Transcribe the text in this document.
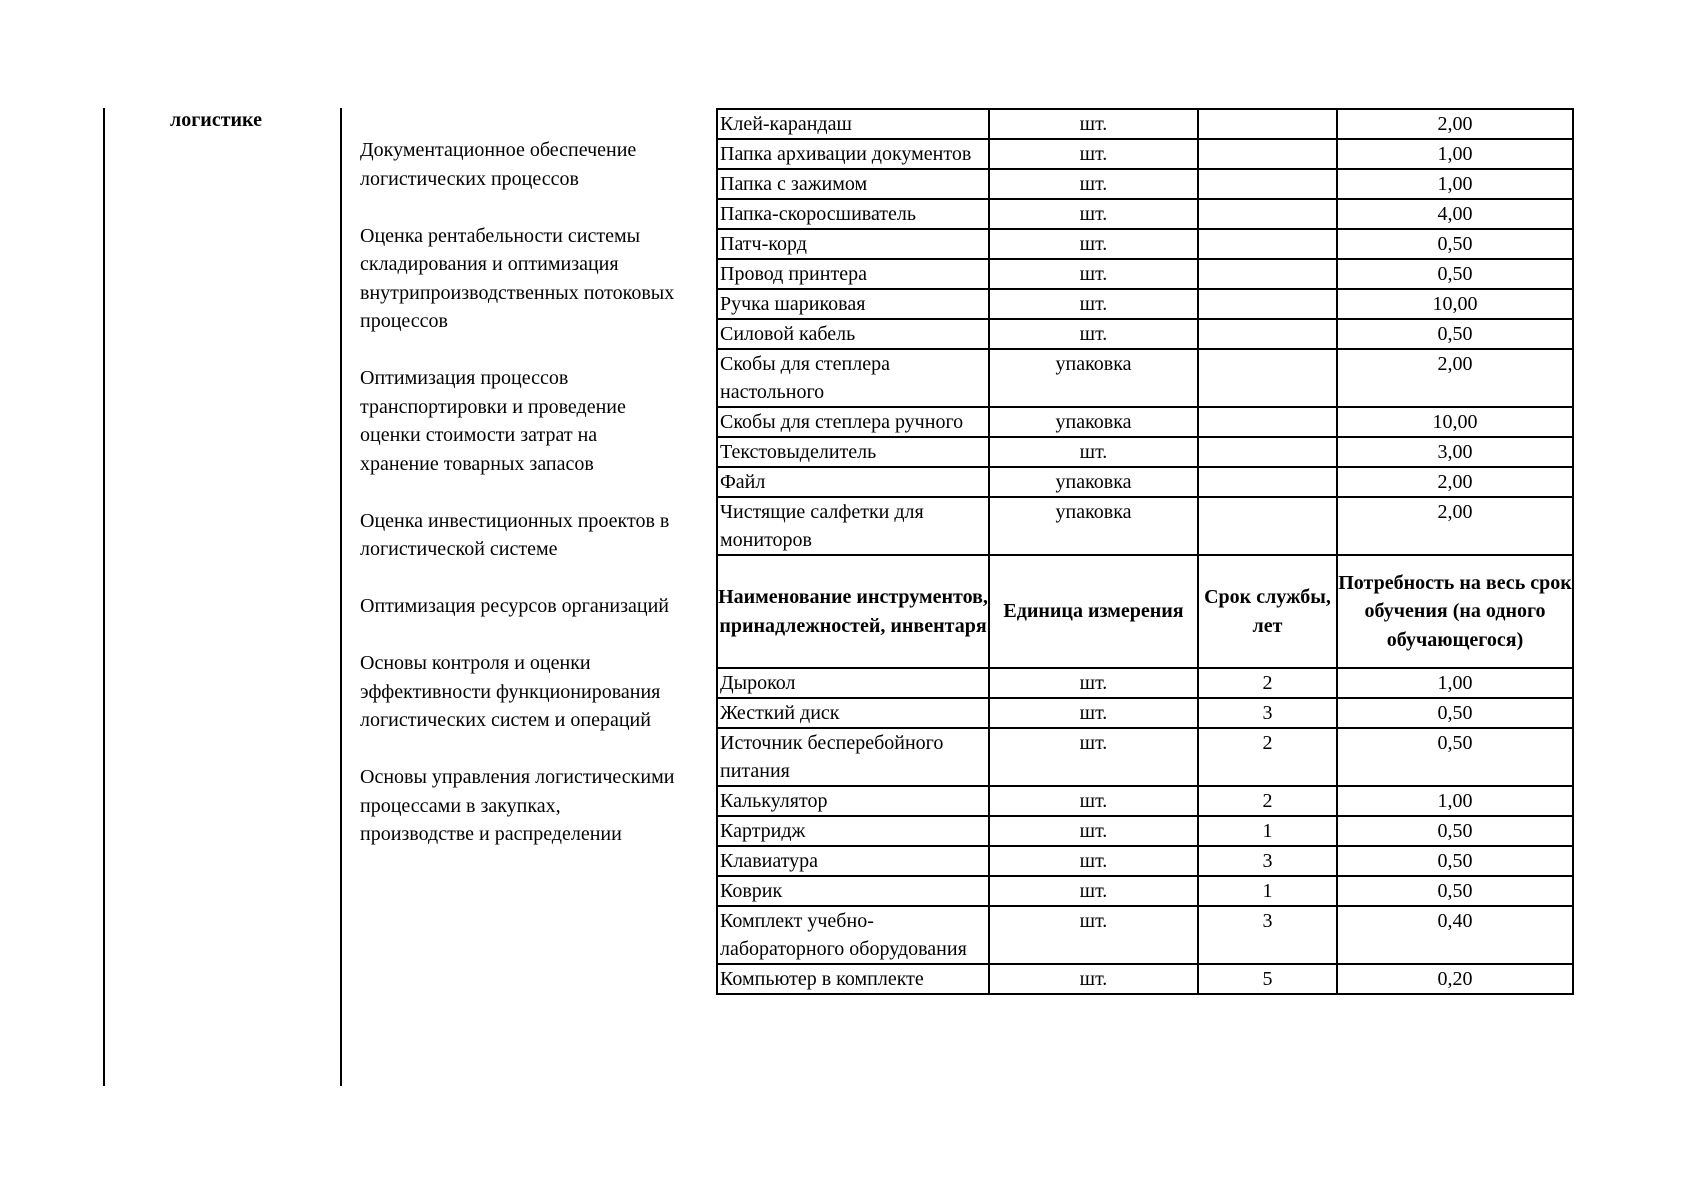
логистике
Документационное обеспечение
логистических процессов
Оценка рентабельности системы
складирования и оптимизация
внутрипроизводственных потоковых
процессов
Оптимизация процессов
транспортировки и проведение
оценки стоимости затрат на
хранение товарных запасов
Оценка инвестиционных проектов в
логистической системе
Оптимизация ресурсов организаций
Основы контроля и оценки
эффективности функционирования
логистических систем и операций
Основы управления логистическими
процессами в закупках,
производстве и распределении
Клей-карандаш	шт.		2,00
Папка архивации документов	шт.		1,00
Папка с зажимом	шт.		1,00
Папка-скоросшиватель	шт.		4,00
Патч-корд	шт.		0,50
Провод принтера	шт.		0,50
Ручка шариковая	шт.		10,00
Силовой кабель	шт.		0,50
Скобы для степлера настольного	упаковка		2,00
Скобы для степлера ручного	упаковка		10,00
Текстовыделитель	шт.		3,00
Файл	упаковка		2,00
Чистящие салфетки для мониторов	упаковка		2,00
Наименование инструментов, принадлежностей, инвентаря	Единица измерения	Срок службы, лет	Потребность на весь срок обучения (на одного обучающегося)
Дырокол	шт.	2	1,00
Жесткий диск	шт.	3	0,50
Источник бесперебойного питания	шт.	2	0,50
Калькулятор	шт.	2	1,00
Картридж	шт.	1	0,50
Клавиатура	шт.	3	0,50
Коврик	шт.	1	0,50
Комплект учебно-лабораторного оборудования	шт.	3	0,40
Компьютер в комплекте	шт.	5	0,20
